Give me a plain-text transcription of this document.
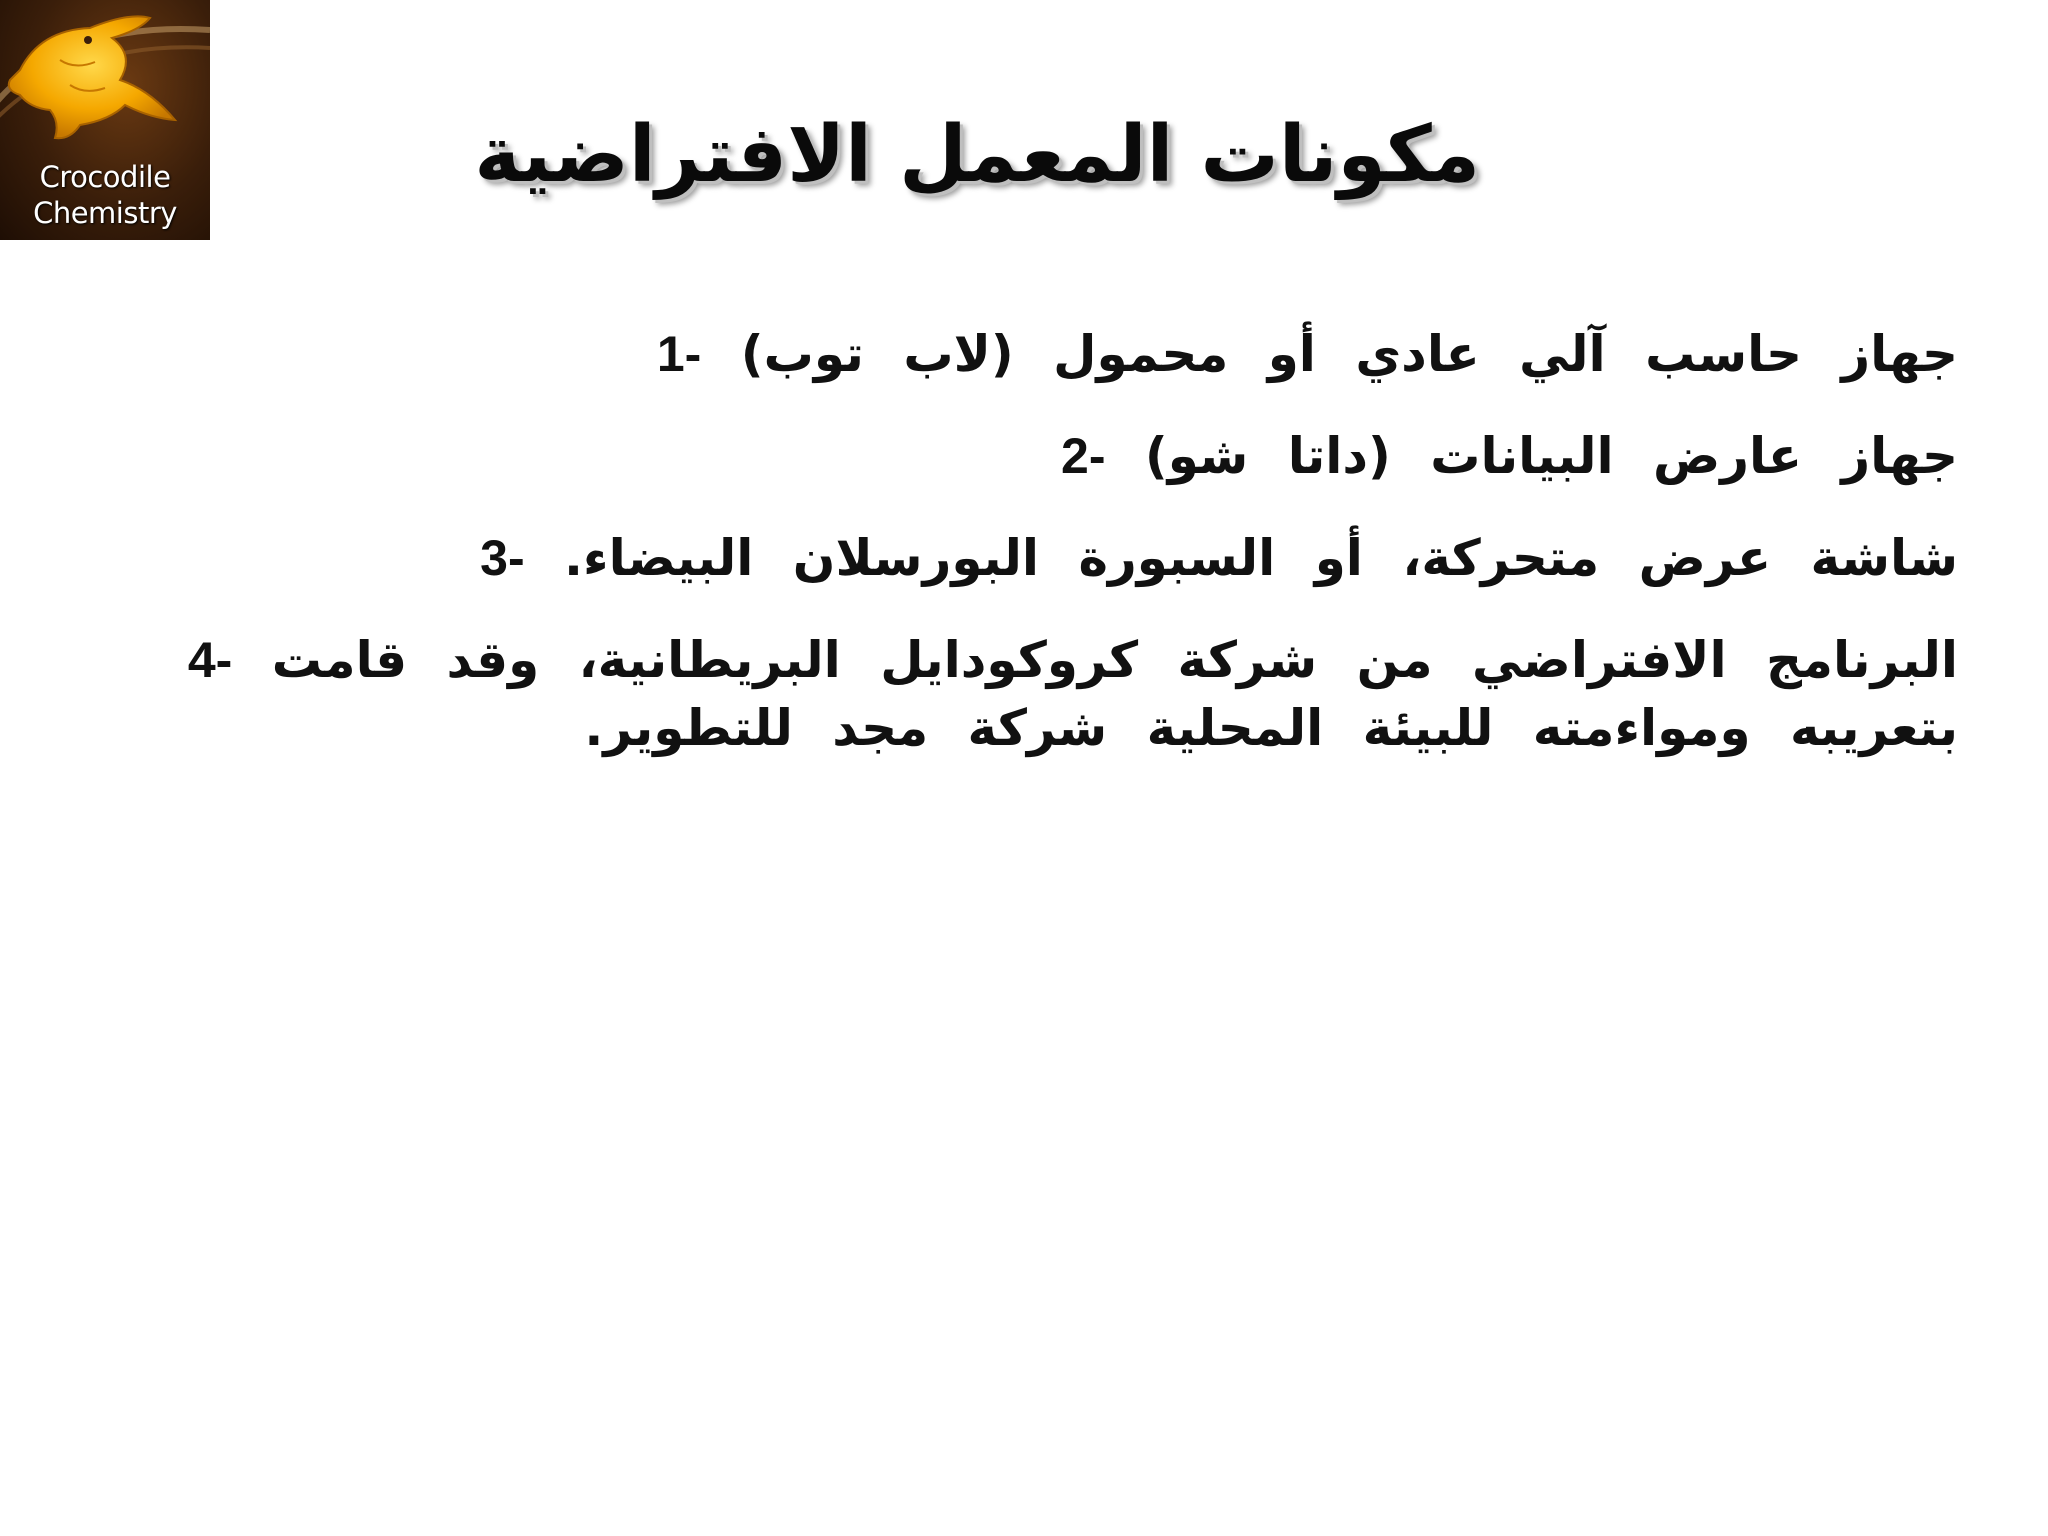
Crocodile
Chemistry
مكونات المعمل الافتراضية
جهاز حاسب آلي عادي أو محمول (لاب توب) 1-
جهاز عارض البيانات (داتا شو) 2-
شاشة عرض متحركة، أو السبورة البورسلان البيضاء. 3-
البرنامج الافتراضي من شركة كروكودايل البريطانية، وقد قامت 4-
بتعريبه ومواءمته للبيئة المحلية شركة مجد للتطوير.
